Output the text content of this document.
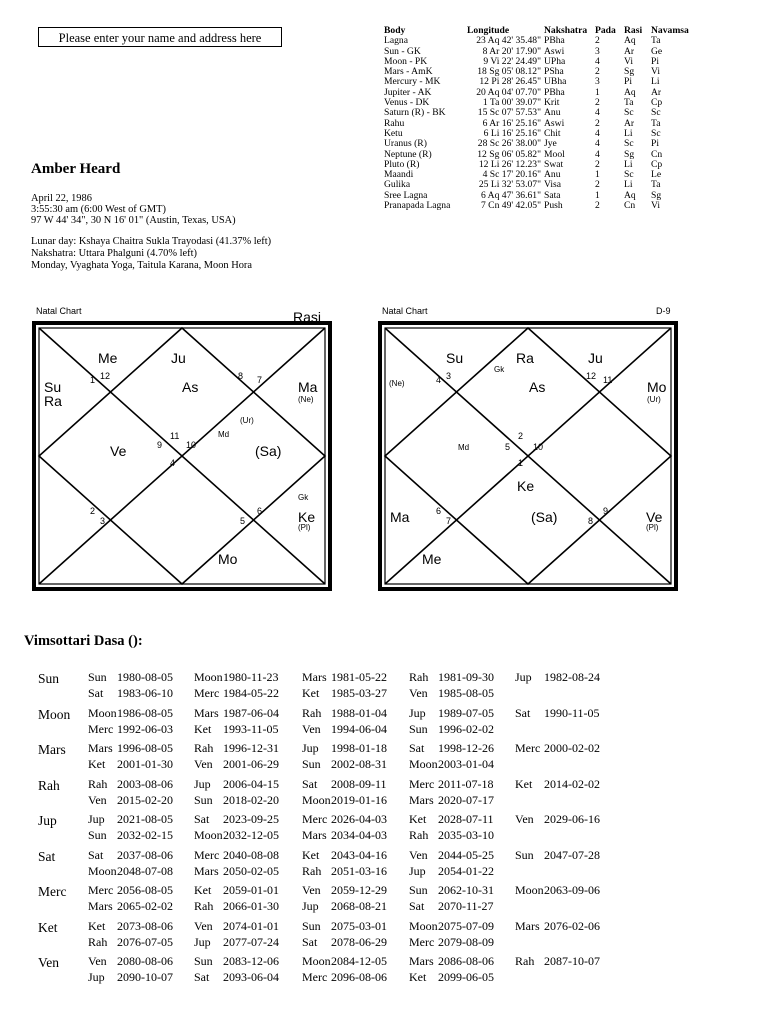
Please enter your name and address here
Amber Heard
April 22, 1986
3:55:30 am (6:00 West of GMT)
97 W 44' 34", 30 N 16' 01" (Austin, Texas, USA)
Lunar day: Kshaya Chaitra Sukla Trayodasi (41.37% left)
Nakshatra: Uttara Phalguni (4.70% left)
Monday, Vyaghata Yoga, Taitula Karana, Moon Hora
Body	Longitude	Nakshatra	Pada	Rasi	Navamsa
Lagna	23 Aq 42' 35.48"	PBha	2	Aq	Ta
Sun - GK	8 Ar 20' 17.90"	Aswi	3	Ar	Ge
Moon - PK	9 Vi 22' 24.49"	UPha	4	Vi	Pi
Mars - AmK	18 Sg 05' 08.12"	PSha	2	Sg	Vi
Mercury - MK	12 Pi 28' 26.45"	UBha	3	Pi	Li
Jupiter - AK	20 Aq 04' 07.70"	PBha	1	Aq	Ar
Venus - DK	1 Ta 00' 39.07"	Krit	2	Ta	Cp
Saturn (R) - BK	15 Sc 07' 57.53"	Anu	4	Sc	Sc
Rahu	6 Ar 16' 25.16"	Aswi	2	Ar	Ta
Ketu	6 Li 16' 25.16"	Chit	4	Li	Sc
Uranus (R)	28 Sc 26' 38.00"	Jye	4	Sc	Pi
Neptune (R)	12 Sg 06' 05.82"	Mool	4	Sg	Cn
Pluto (R)	12 Li 26' 12.23"	Swat	2	Li	Cp
Maandi	4 Sc 17' 20.16"	Anu	1	Sc	Le
Gulika	25 Li 32' 53.07"	Visa	2	Li	Ta
Sree Lagna	6 Aq 47' 36.61"	Sata	1	Aq	Sg
Pranapada Lagna	7 Cn 49' 42.05"	Push	2	Cn	Vi
Natal Chart	Rasi
Me	Ju
Su
Ra
As	Ma
Ve	(Sa)
Ke
Mo
(Ne)
(Ur)
Md
Gk
(Pl)
11
12
1
2
3
4
5
6
7
8
9	10
Natal Chart	D-9
Su	Ra	Ju
As	Mo
Ke
Ma	(Sa)	Ve
Me
(Ne)
Gk
(Ur)
Md
(Pl)
2
3
4
5
6
7	8
9
10
11
12
1
Vimsottari Dasa ():
Sun Sun 1980-08-05 Moon1980-11-23 Mars 1981-05-22 Rah 1981-09-30 Jup 1982-08-24
Sat 1983-06-10 Merc 1984-05-22 Ket 1985-03-27 Ven 1985-08-05
Moon Moon1986-08-05 Mars 1987-06-04 Rah 1988-01-04 Jup 1989-07-05 Sat 1990-11-05
Merc 1992-06-03 Ket 1993-11-05 Ven 1994-06-04 Sun 1996-02-02
Mars Mars 1996-08-05 Rah 1996-12-31 Jup 1998-01-18 Sat 1998-12-26 Merc 2000-02-02
Ket 2001-01-30 Ven 2001-06-29 Sun 2002-08-31 Moon2003-01-04
Rah Rah 2003-08-06 Jup 2006-04-15 Sat 2008-09-11 Merc 2011-07-18 Ket 2014-02-02
Ven 2015-02-20 Sun 2018-02-20 Moon2019-01-16 Mars 2020-07-17
Jup	Jup 2021-08-05 Sat 2023-09-25 Merc 2026-04-03 Ket 2028-07-11 Ven 2029-06-16
Sun 2032-02-15 Moon2032-12-05 Mars 2034-04-03 Rah 2035-03-10
Sat	Sat 2037-08-06 Merc 2040-08-08 Ket 2043-04-16 Ven 2044-05-25 Sun 2047-07-28
Moon2048-07-08 Mars 2050-02-05 Rah 2051-03-16 Jup 2054-01-22
Merc Merc 2056-08-05 Ket 2059-01-01 Ven 2059-12-29 Sun 2062-10-31 Moon2063-09-06
Mars 2065-02-02 Rah 2066-01-30 Jup 2068-08-21 Sat 2070-11-27
Ket	Ket 2073-08-06 Ven 2074-01-01 Sun 2075-03-01 Moon2075-07-09 Mars 2076-02-06
Rah 2076-07-05 Jup 2077-07-24 Sat 2078-06-29 Merc 2079-08-09
Ven Ven 2080-08-06 Sun 2083-12-06 Moon2084-12-05 Mars 2086-08-06 Rah 2087-10-07
Jup 2090-10-07 Sat 2093-06-04 Merc 2096-08-06 Ket 2099-06-05
